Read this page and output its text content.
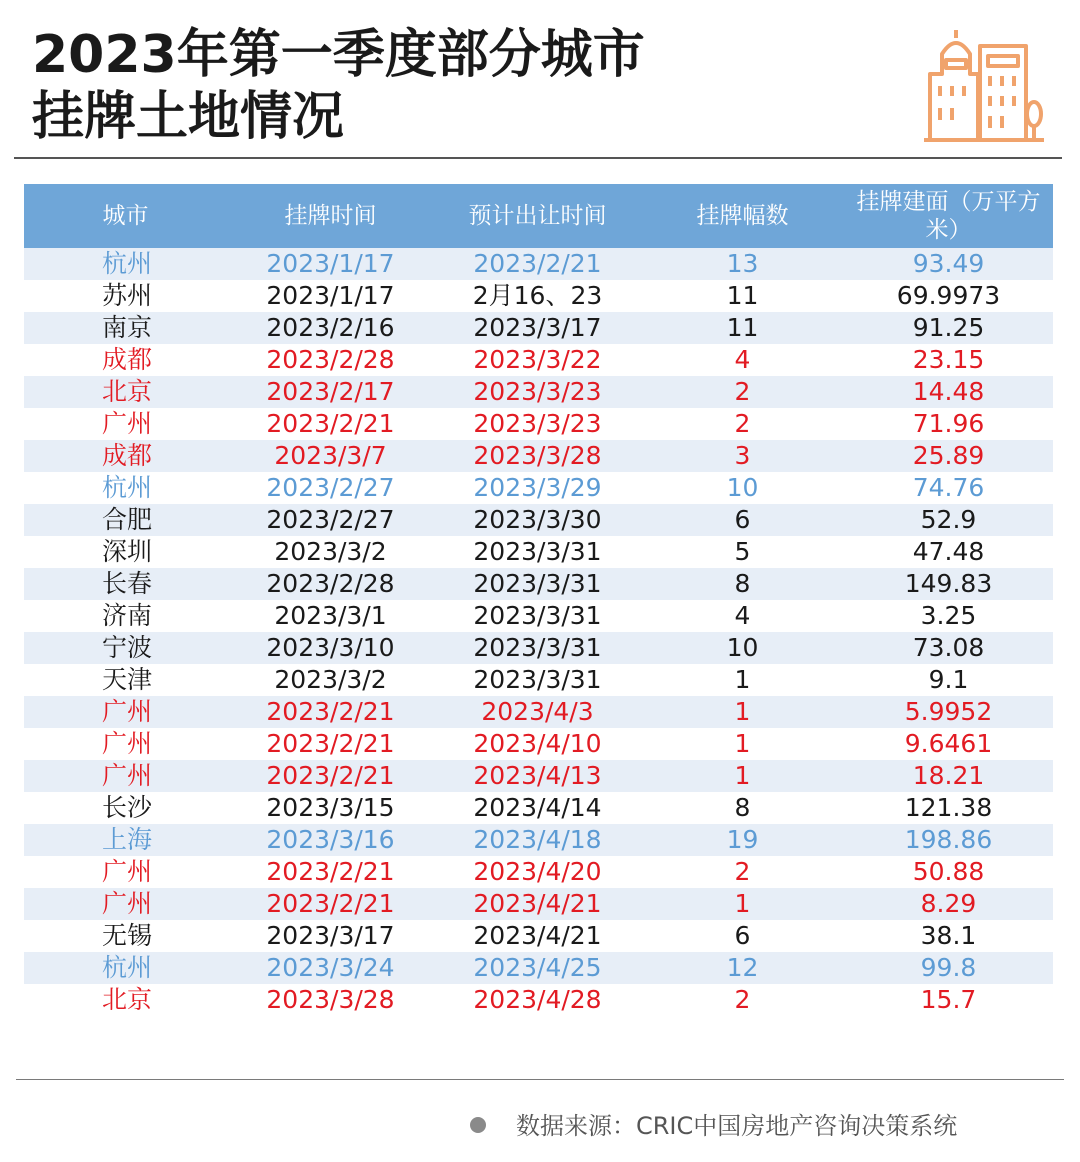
2023年第一季度部分城市
挂牌土地情况
城市	挂牌时间	预计出让时间	挂牌幅数	挂牌建面（万平方米）
杭州	2023/1/17	2023/2/21	13	93.49
苏州	2023/1/17	2月16、23	11	69.9973
南京	2023/2/16	2023/3/17	11	91.25
成都	2023/2/28	2023/3/22	4	23.15
北京	2023/2/17	2023/3/23	2	14.48
广州	2023/2/21	2023/3/23	2	71.96
成都	2023/3/7	2023/3/28	3	25.89
杭州	2023/2/27	2023/3/29	10	74.76
合肥	2023/2/27	2023/3/30	6	52.9
深圳	2023/3/2	2023/3/31	5	47.48
长春	2023/2/28	2023/3/31	8	149.83
济南	2023/3/1	2023/3/31	4	3.25
宁波	2023/3/10	2023/3/31	10	73.08
天津	2023/3/2	2023/3/31	1	9.1
广州	2023/2/21	2023/4/3	1	5.9952
广州	2023/2/21	2023/4/10	1	9.6461
广州	2023/2/21	2023/4/13	1	18.21
长沙	2023/3/15	2023/4/14	8	121.38
上海	2023/3/16	2023/4/18	19	198.86
广州	2023/2/21	2023/4/20	2	50.88
广州	2023/2/21	2023/4/21	1	8.29
无锡	2023/3/17	2023/4/21	6	38.1
杭州	2023/3/24	2023/4/25	12	99.8
北京	2023/3/28	2023/4/28	2	15.7
数据来源：CRIC中国房地产咨询决策系统
